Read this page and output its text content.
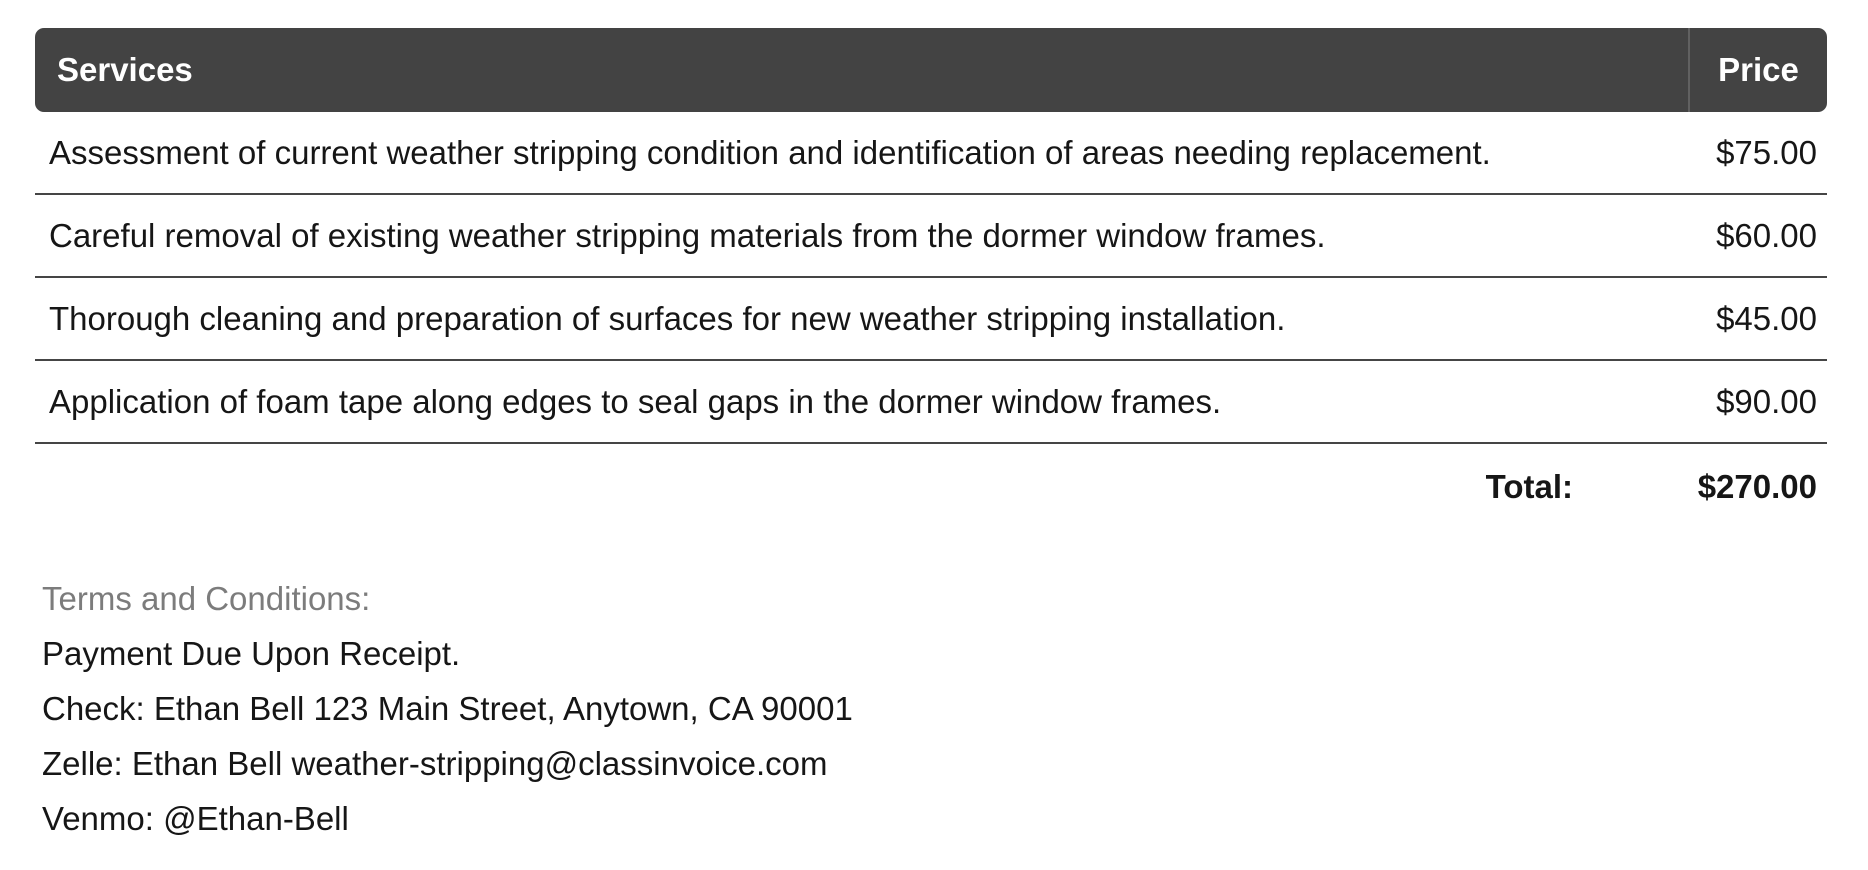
Services	Price
Assessment of current weather stripping condition and identification of areas needing replacement.	$75.00
Careful removal of existing weather stripping materials from the dormer window frames.	$60.00
Thorough cleaning and preparation of surfaces for new weather stripping installation.	$45.00
Application of foam tape along edges to seal gaps in the dormer window frames.	$90.00
Total:	$270.00
Terms and Conditions:
Payment Due Upon Receipt.
Check: Ethan Bell 123 Main Street, Anytown, CA 90001
Zelle: Ethan Bell weather-stripping@classinvoice.com
Venmo: @Ethan-Bell
